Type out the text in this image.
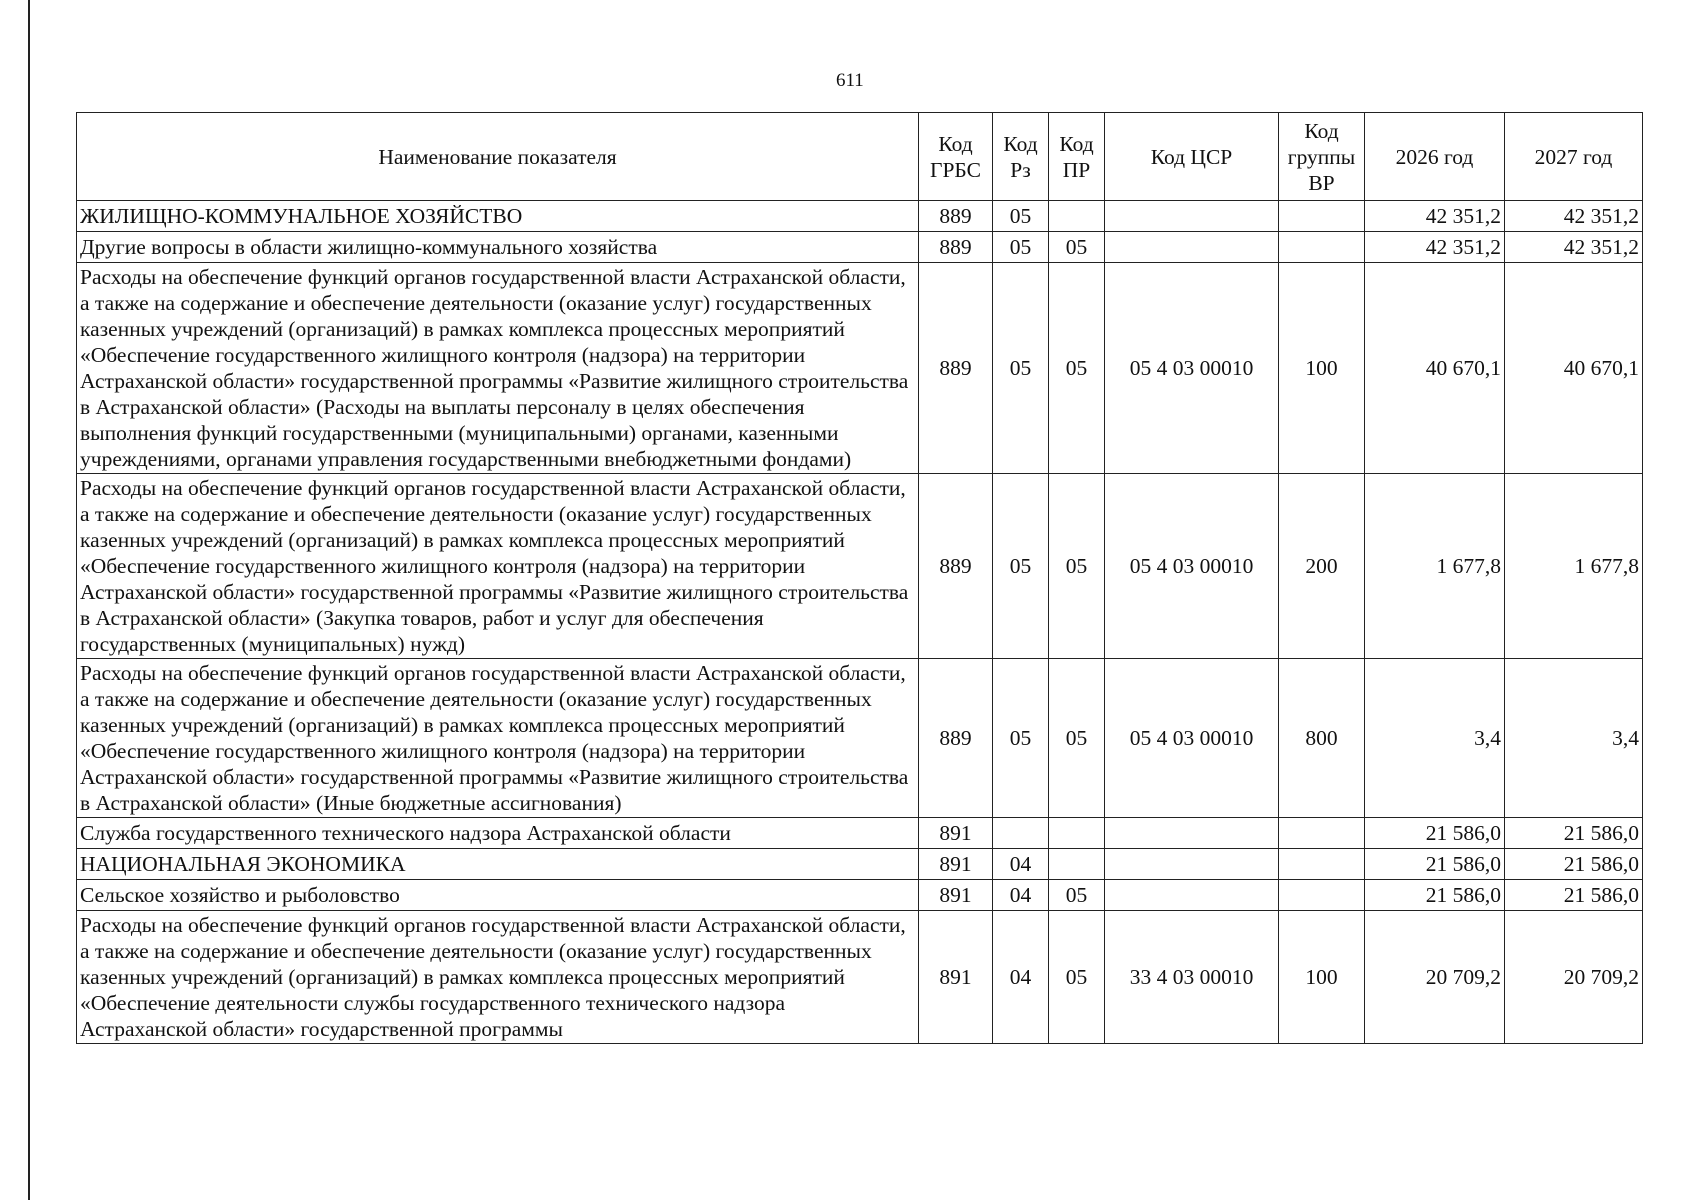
611
Наименование показателя	Код ГРБС	Код Рз	Код ПР	Код ЦСР	Код группы ВР	2026 год	2027 год
ЖИЛИЩНО-КОММУНАЛЬНОЕ ХОЗЯЙСТВО	889	05				42 351,2	42 351,2
Другие вопросы в области жилищно-коммунального хозяйства	889	05	05			42 351,2	42 351,2
Расходы на обеспечение функций органов государственной власти Астраханской области, а также на содержание и обеспечение деятельности (оказание услуг) государственных казенных учреждений (организаций) в рамках комплекса процессных мероприятий «Обеспечение государственного жилищного контроля (надзора) на территории Астраханской области» государственной программы «Развитие жилищного строительства в Астраханской области» (Расходы на выплаты персоналу в целях обеспечения выполнения функций государственными (муниципальными) органами, казенными учреждениями, органами управления государственными внебюджетными фондами)	889	05	05	05 4 03 00010	100	40 670,1	40 670,1
Расходы на обеспечение функций органов государственной власти Астраханской области, а также на содержание и обеспечение деятельности (оказание услуг) государственных казенных учреждений (организаций) в рамках комплекса процессных мероприятий «Обеспечение государственного жилищного контроля (надзора) на территории Астраханской области» государственной программы «Развитие жилищного строительства в Астраханской области» (Закупка товаров, работ и услуг для обеспечения государственных (муниципальных) нужд)	889	05	05	05 4 03 00010	200	1 677,8	1 677,8
Расходы на обеспечение функций органов государственной власти Астраханской области, а также на содержание и обеспечение деятельности (оказание услуг) государственных казенных учреждений (организаций) в рамках комплекса процессных мероприятий «Обеспечение государственного жилищного контроля (надзора) на территории Астраханской области» государственной программы «Развитие жилищного строительства в Астраханской области» (Иные бюджетные ассигнования)	889	05	05	05 4 03 00010	800	3,4	3,4
Служба государственного технического надзора Астраханской области	891					21 586,0	21 586,0
НАЦИОНАЛЬНАЯ ЭКОНОМИКА	891	04				21 586,0	21 586,0
Сельское хозяйство и рыболовство	891	04	05			21 586,0	21 586,0
Расходы на обеспечение функций органов государственной власти Астраханской области, а также на содержание и обеспечение деятельности (оказание услуг) государственных казенных учреждений (организаций) в рамках комплекса процессных мероприятий «Обеспечение деятельности службы государственного технического надзора Астраханской области» государственной программы	891	04	05	33 4 03 00010	100	20 709,2	20 709,2
